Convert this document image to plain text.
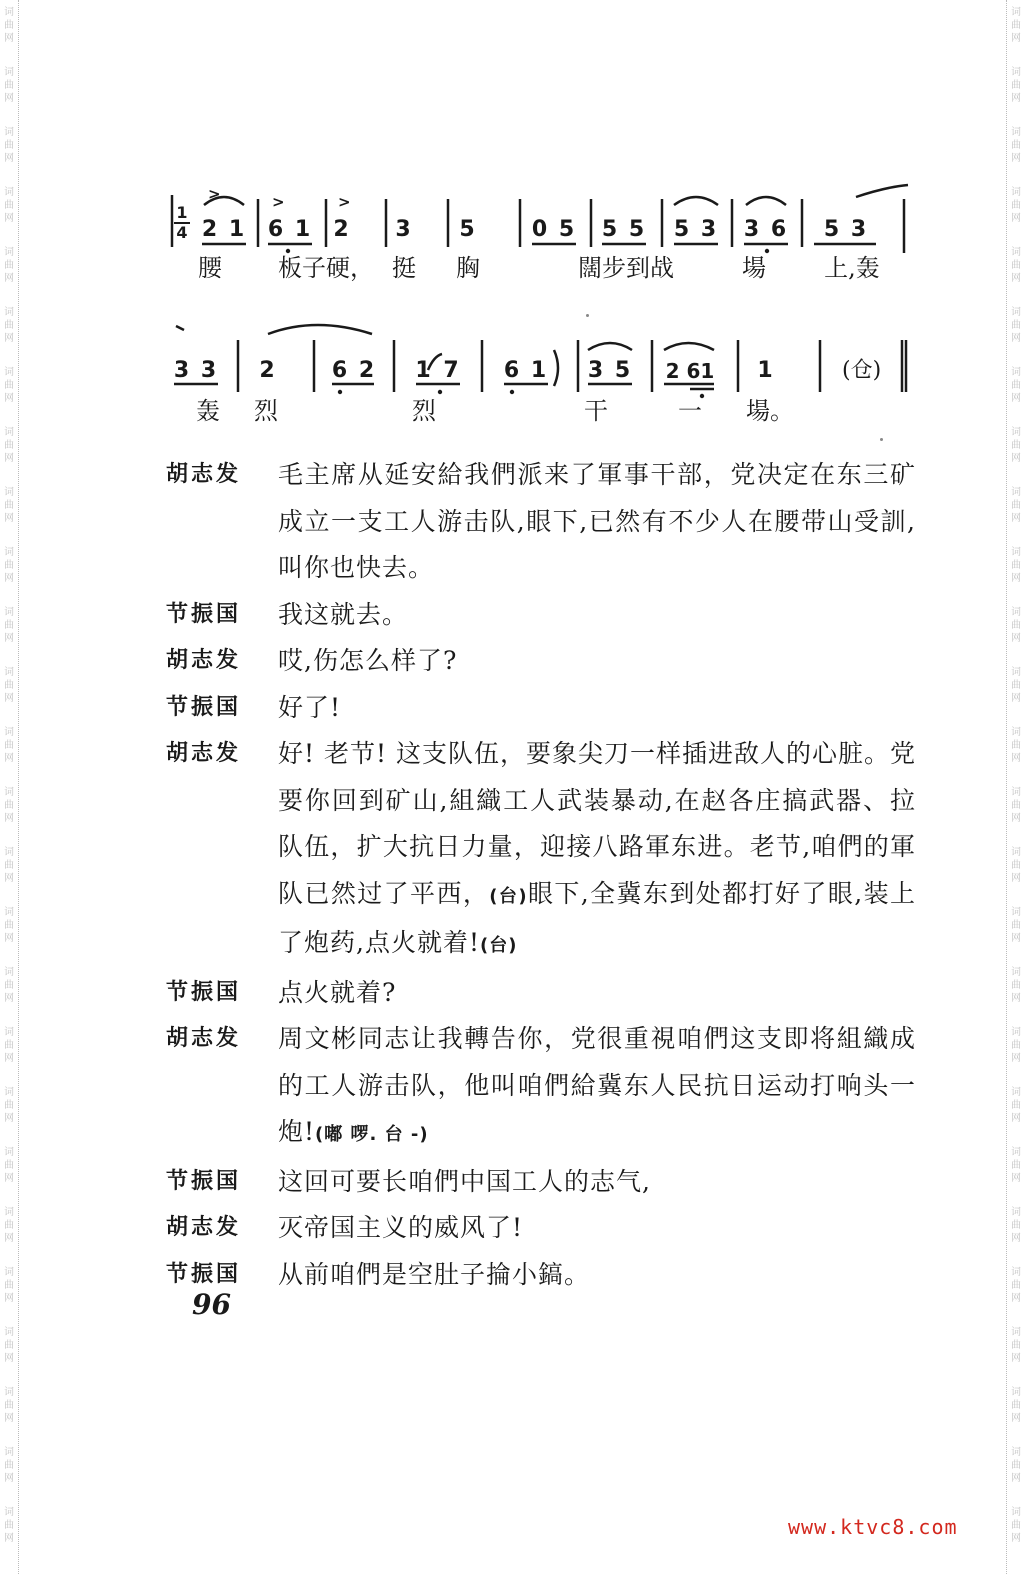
词
曲
网
词
曲
网
词
曲
网
词
曲
网
词
曲
网
词
曲
网
词
曲
网
词
曲
网
词
曲
网
词
曲
网
词
曲
网
词
曲
网
词
曲
网
词
曲
网
词
曲
网
词
曲
网
词
曲
网
词
曲
网
词
曲
网
词
曲
网
词
曲
网
词
曲
网
词
曲
网
词
曲
网
词
曲
网
词
曲
网
词
曲
网
词
曲
网
词
曲
网
词
曲
网
词
曲
网
词
曲
网
词
曲
网
词
曲
网
词
曲
网
词
曲
网
词
曲
网
词
曲
网
词
曲
网
词
曲
网
词
曲
网
词
曲
网
词
曲
网
词
曲
网
词
曲
网
词
曲
网
词
曲
网
词
曲
网
词
曲
网
词
曲
网
词
曲
网
词
曲
网
1
4
>	>	>
2 1 6 1 2 3 5	0 5 5 5 5 3 3 6 5 3
腰 板子硬， 挺 胸	闊步到战	場 上,轰
3 3 2	6 2 1 7 6 1 3 5 2 61 1	(仓)
轰 烈	烈	干	一 場。
胡志发	毛主席从延安給我們派来了軍事干部，党决定在东三矿成立一支工人游击队,眼下,已然有不少人在腰带山受訓,叫你也快去。
节振国	我这就去。
胡志发	哎,伤怎么样了?
节振国	好了!
胡志发	好! 老节! 这支队伍，要象尖刀一样插进敌人的心脏。党要你回到矿山,組織工人武装暴动,在赵各庄搞武器、拉队伍，扩大抗日力量，迎接八路軍东进。老节,咱們的軍队已然过了平西，(台)眼下,全冀东到处都打好了眼,装上了炮药,点火就着!(台)
节振国	点火就着?
胡志发	周文彬同志让我轉告你，党很重視咱們这支即将組織成的工人游击队，他叫咱們給冀东人民抗日运动打响头一炮!(嘟 啰. 台 -)
节振国	这回可要长咱們中国工人的志气,
胡志发	灭帝国主义的威风了!
节振国	从前咱們是空肚子掄小鎬。
96
www.ktvc8.com
